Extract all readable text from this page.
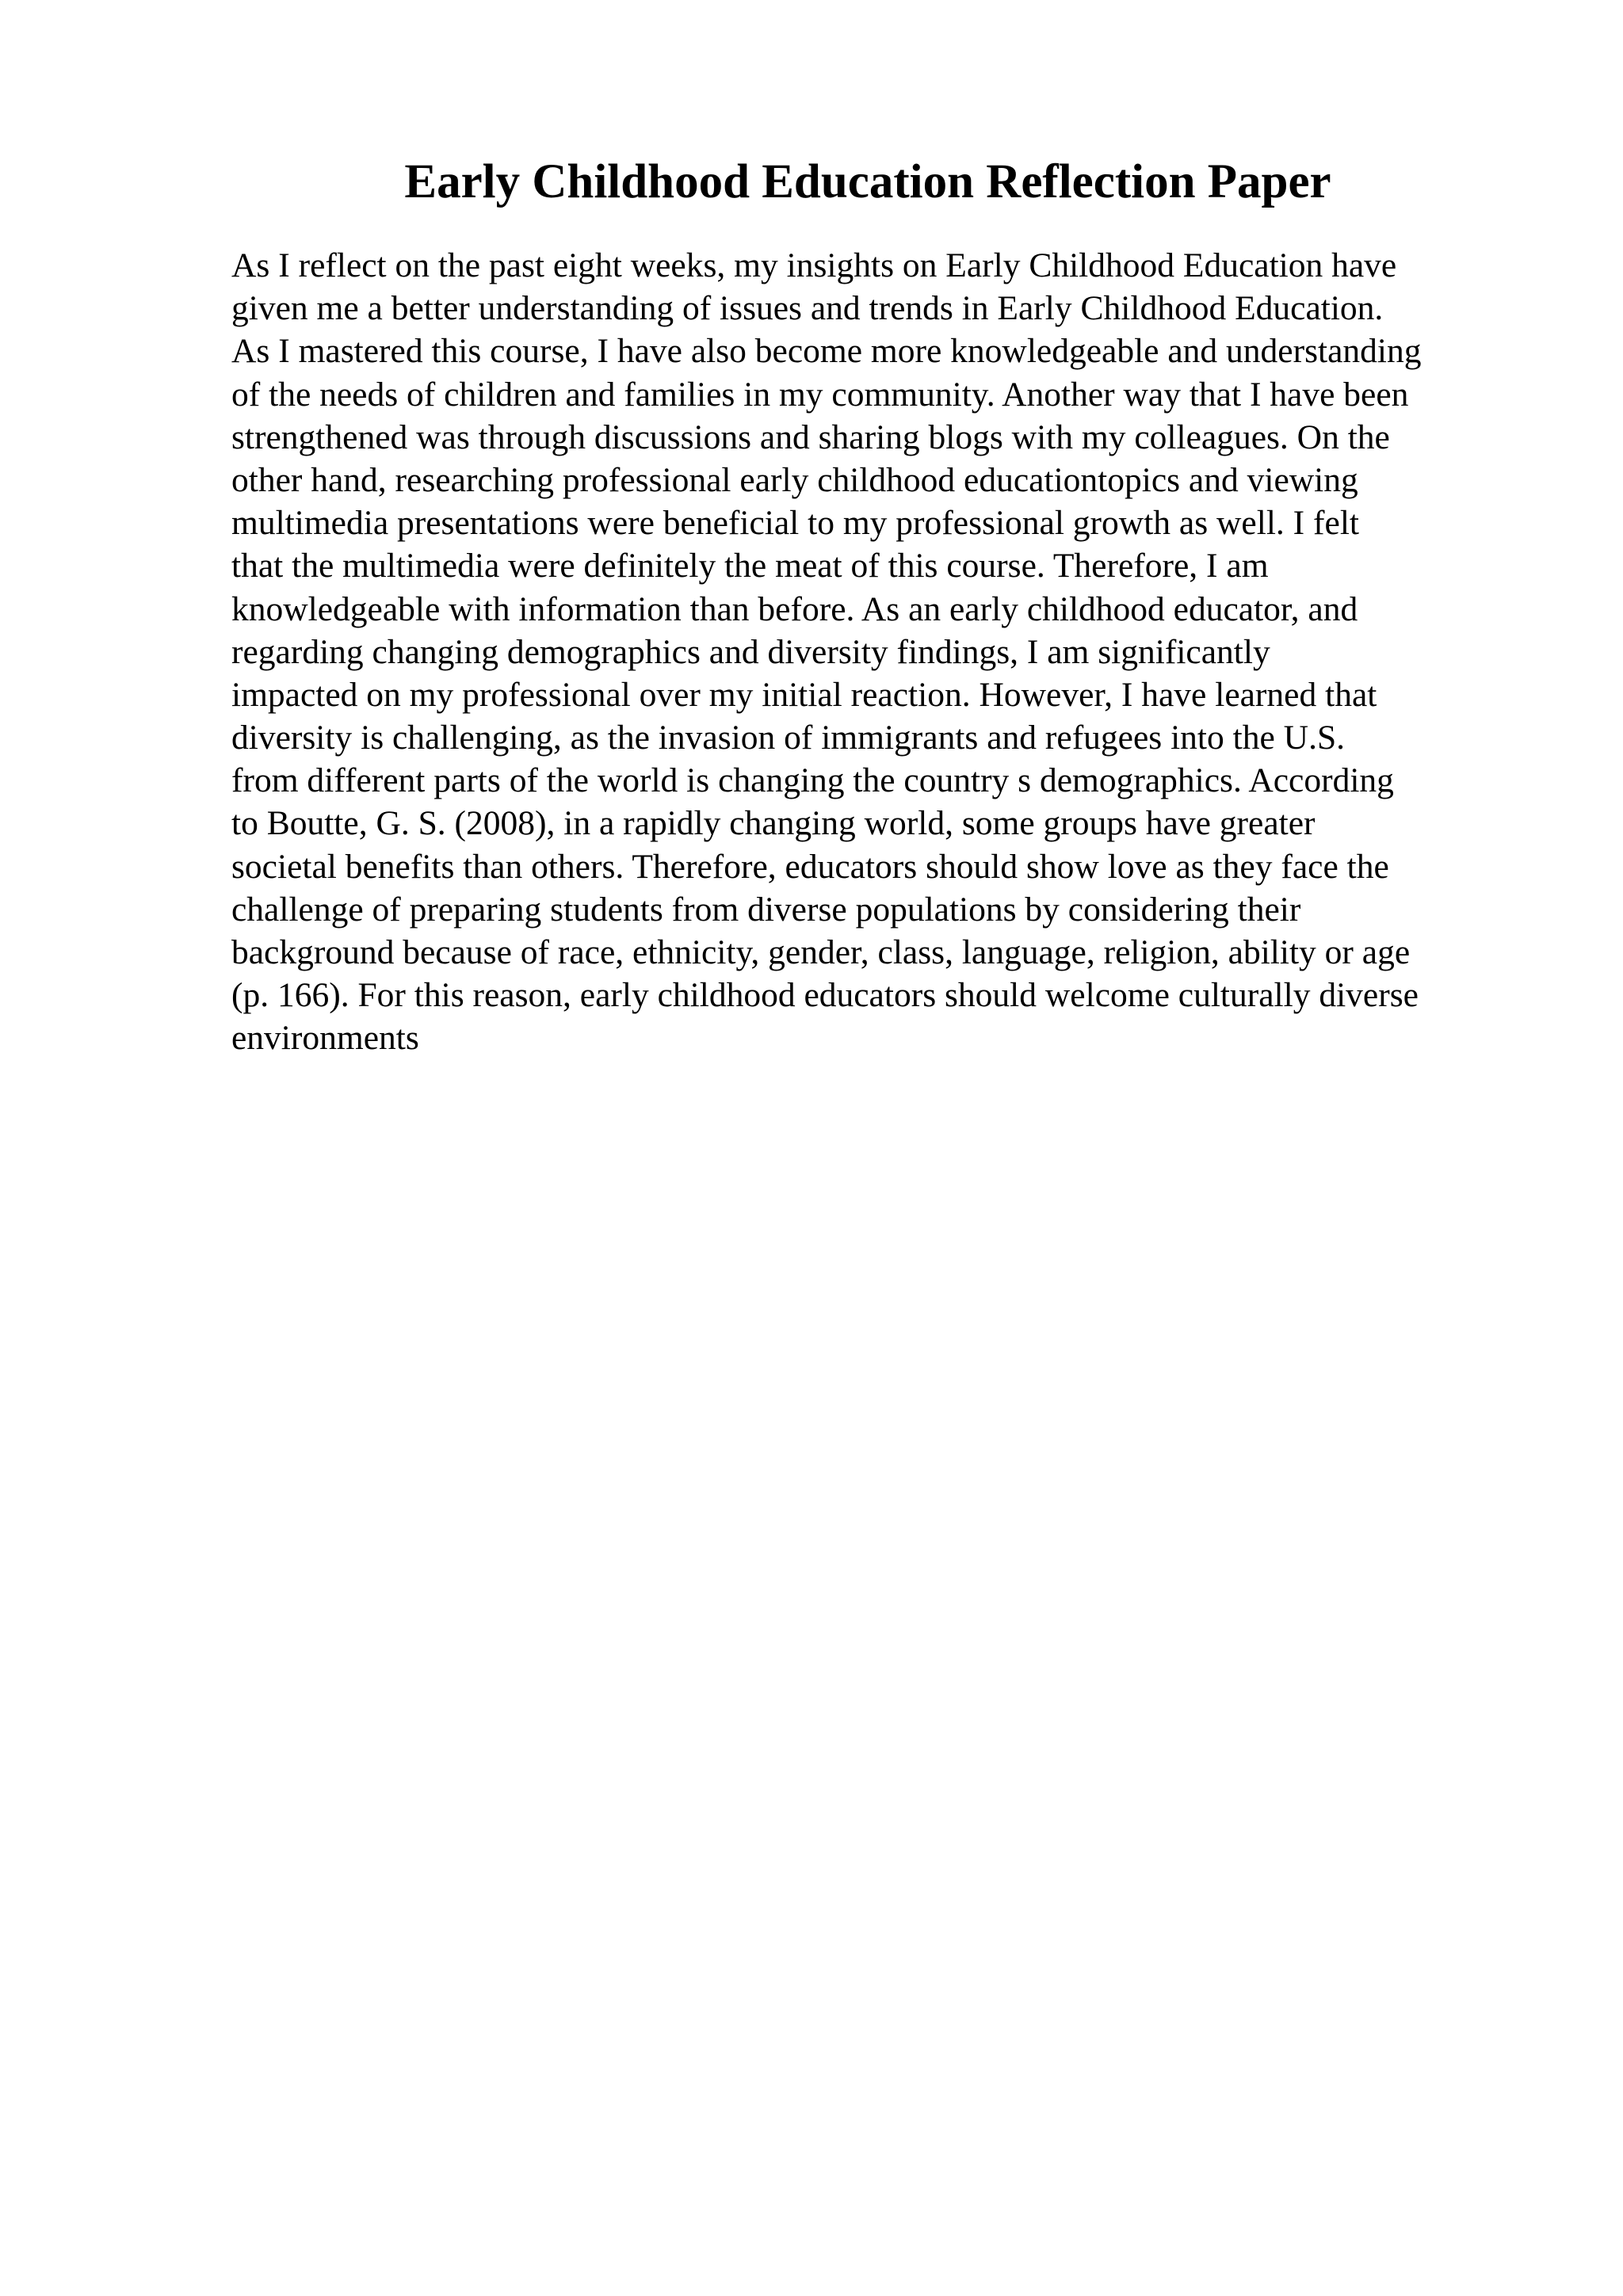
Early Childhood Education Reflection Paper
As I reflect on the past eight weeks, my insights on Early Childhood Education have
given me a better understanding of issues and trends in Early Childhood Education.
As I mastered this course, I have also become more knowledgeable and understanding
of the needs of children and families in my community. Another way that I have been
strengthened was through discussions and sharing blogs with my colleagues. On the
other hand, researching professional early childhood educationtopics and viewing
multimedia presentations were beneficial to my professional growth as well. I felt
that the multimedia were definitely the meat of this course. Therefore, I am
knowledgeable with information than before. As an early childhood educator, and
regarding changing demographics and diversity findings, I am significantly
impacted on my professional over my initial reaction. However, I have learned that
diversity is challenging, as the invasion of immigrants and refugees into the U.S.
from different parts of the world is changing the country s demographics. According
to Boutte, G. S. (2008), in a rapidly changing world, some groups have greater
societal benefits than others. Therefore, educators should show love as they face the
challenge of preparing students from diverse populations by considering their
background because of race, ethnicity, gender, class, language, religion, ability or age
(p. 166). For this reason, early childhood educators should welcome culturally diverse
environments
